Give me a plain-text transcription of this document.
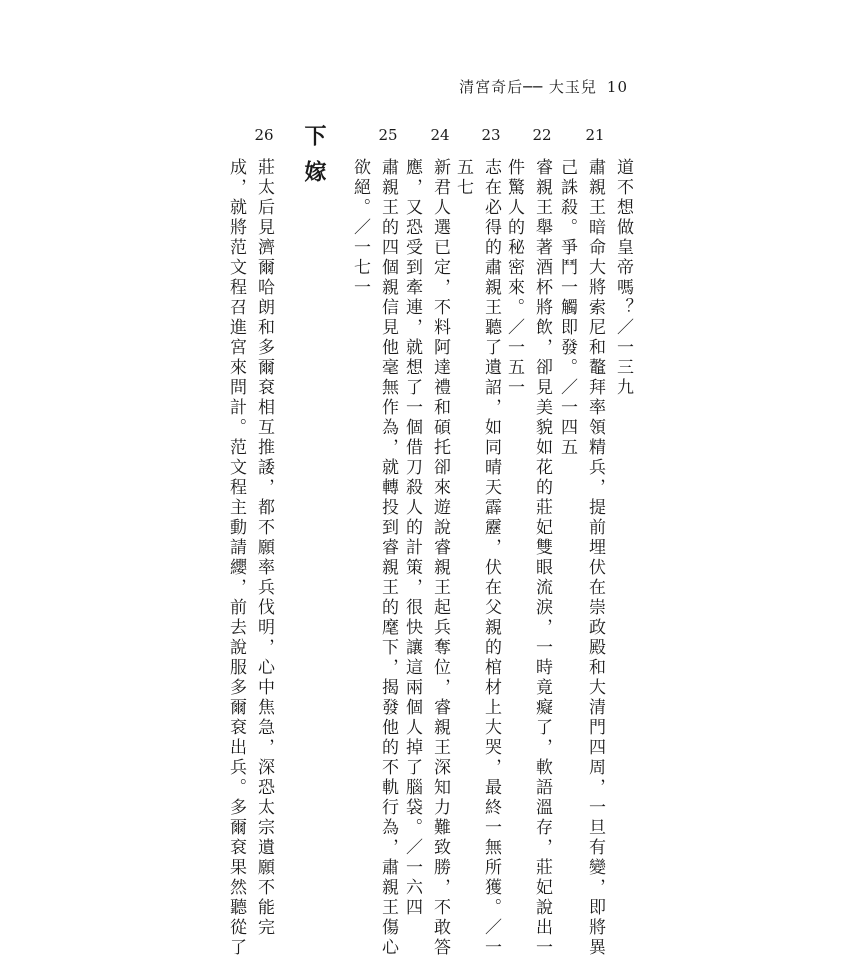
清宮奇后── 大玉兒 10
道不想做皇帝嗎？／一三九
21
肅親王暗命大將索尼和鼇拜率領精兵，提前埋伏在崇政殿和大清門四周，一旦有變，即將異
己誅殺。爭鬥一觸即發。／一四五
22
睿親王舉著酒杯將飲，卻見美貌如花的莊妃雙眼流淚，一時竟癡了，軟語溫存，莊妃說出一
件驚人的秘密來。／一五一
23
志在必得的肅親王聽了遺詔，如同晴天霹靂，伏在父親的棺材上大哭，最終一無所獲。／一
五七
24
新君人選已定，不料阿達禮和碩托卻來遊說睿親王起兵奪位，睿親王深知力難致勝，不敢答
應，又恐受到牽連，就想了一個借刀殺人的計策，很快讓這兩個人掉了腦袋。／一六四
25
肅親王的四個親信見他毫無作為，就轉投到睿親王的麾下，揭發他的不軌行為，肅親王傷心
欲絕。／一七一
下嫁
26
莊太后見濟爾哈朗和多爾袞相互推諉，都不願率兵伐明，心中焦急，深恐太宗遺願不能完
成，就將范文程召進宮來問計。范文程主動請纓，前去說服多爾袞出兵。多爾袞果然聽從了
